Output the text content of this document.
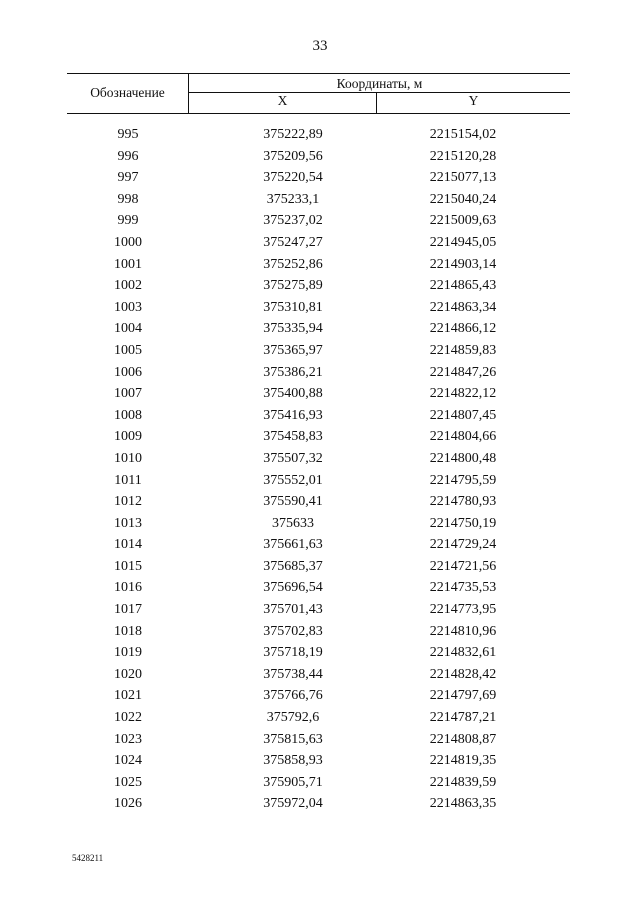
33
Обозначение
Координаты, м
X	Y
995	375222,89	2215154,02
996	375209,56	2215120,28
997	375220,54	2215077,13
998	375233,1	2215040,24
999	375237,02	2215009,63
1000	375247,27	2214945,05
1001	375252,86	2214903,14
1002	375275,89	2214865,43
1003	375310,81	2214863,34
1004	375335,94	2214866,12
1005	375365,97	2214859,83
1006	375386,21	2214847,26
1007	375400,88	2214822,12
1008	375416,93	2214807,45
1009	375458,83	2214804,66
1010	375507,32	2214800,48
1011	375552,01	2214795,59
1012	375590,41	2214780,93
1013	375633	2214750,19
1014	375661,63	2214729,24
1015	375685,37	2214721,56
1016	375696,54	2214735,53
1017	375701,43	2214773,95
1018	375702,83	2214810,96
1019	375718,19	2214832,61
1020	375738,44	2214828,42
1021	375766,76	2214797,69
1022	375792,6	2214787,21
1023	375815,63	2214808,87
1024	375858,93	2214819,35
1025	375905,71	2214839,59
1026	375972,04	2214863,35
5428211
